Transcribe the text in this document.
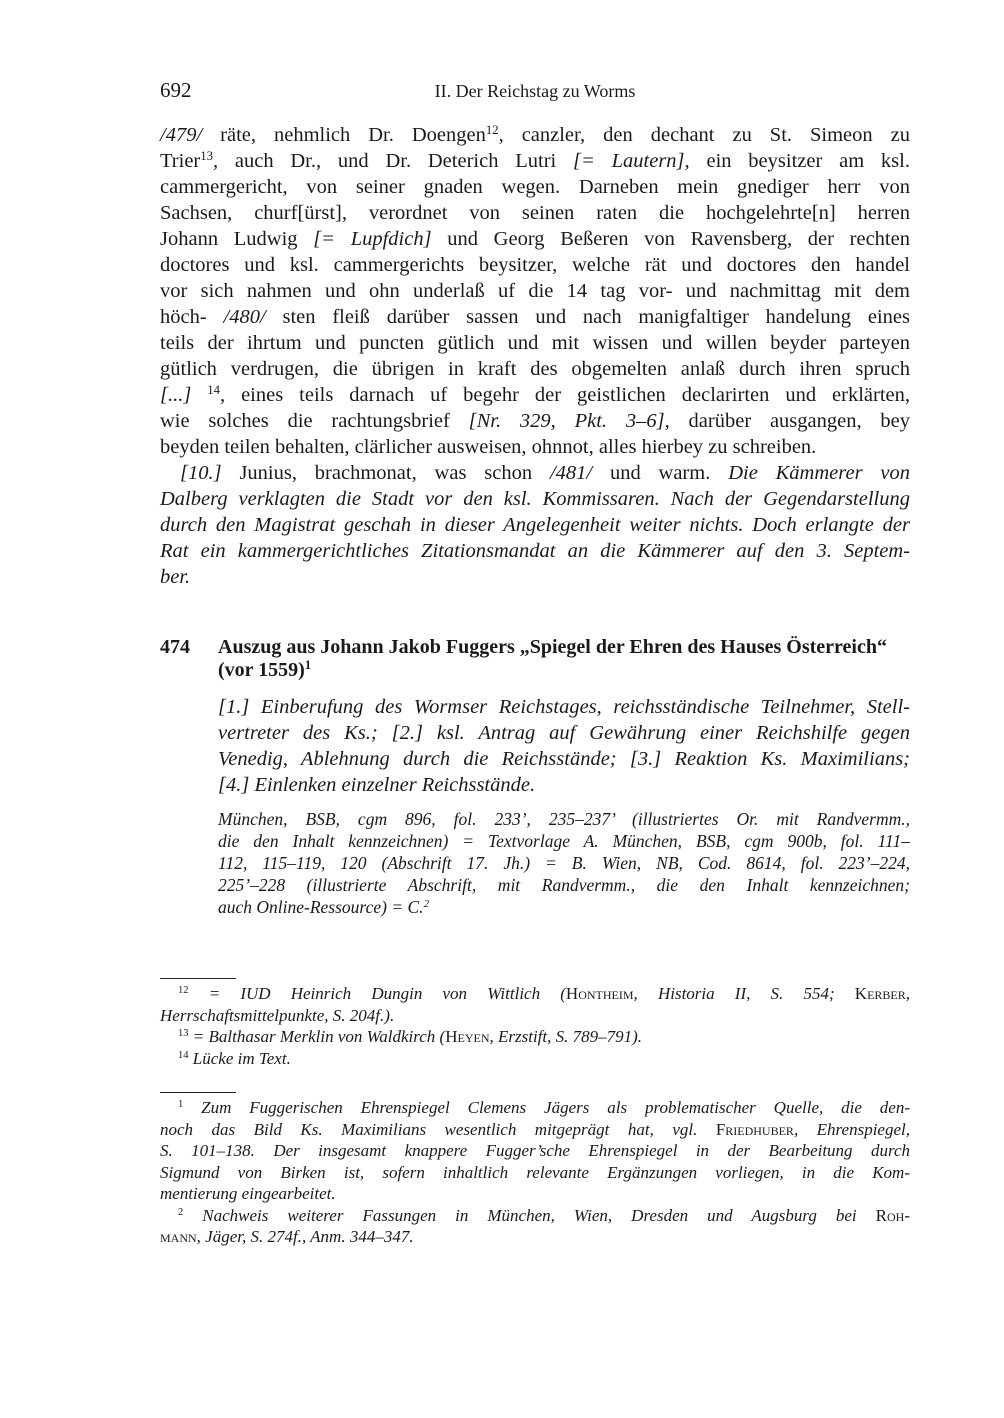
692	II. Der Reichstag zu Worms
/479/ räte, nehmlich Dr. Doengen$^{12}$, canzler, den dechant zu St. Simeon zu
Trier$^{13}$, auch Dr., und Dr. Deterich Lutri [= Lautern], ein beysitzer am ksl.
cammergericht, von seiner gnaden wegen. Darneben mein gnediger herr von
Sachsen, churf[ürst], verordnet von seinen raten die hochgelehrte[n] herren
Johann Ludwig [= Lupfdich] und Georg Beßeren von Ravensberg, der rechten
doctores und ksl. cammergerichts beysitzer, welche rät und doctores den handel
vor sich nahmen und ohn underlaß uf die 14 tag vor- und nachmittag mit dem
höch- /480/ sten fleiß darüber sassen und nach manigfaltiger handelung eines
teils der ihrtum und puncten gütlich und mit wissen und willen beyder parteyen
gütlich verdrugen, die übrigen in kraft des obgemelten anlaß durch ihren spruch
[...] $^{14}$, eines teils darnach uf begehr der geistlichen declarirten und erklärten,
wie solches die rachtungsbrief [Nr. 329, Pkt. 3–6], darüber ausgangen, bey
beyden teilen behalten, clärlicher ausweisen, ohnnot, alles hierbey zu schreiben.
[10.] Junius, brachmonat, was schon /481/ und warm. Die Kämmerer von
Dalberg verklagten die Stadt vor den ksl. Kommissaren. Nach der Gegendarstellung
durch den Magistrat geschah in dieser Angelegenheit weiter nichts. Doch erlangte der
Rat ein kammergerichtliches Zitationsmandat an die Kämmerer auf den 3. Septem-
ber.
474 Auszug aus Johann Jakob Fuggers „Spiegel der Ehren des Hauses Österreich“
(vor 1559)$^1$
[1.] Einberufung des Wormser Reichstages, reichsständische Teilnehmer, Stell-
vertreter des Ks.; [2.] ksl. Antrag auf Gewährung einer Reichshilfe gegen
Venedig, Ablehnung durch die Reichsstände; [3.] Reaktion Ks. Maximilians;
[4.] Einlenken einzelner Reichsstände.
München, BSB, cgm 896, fol. 233’, 235–237’ (illustriertes Or. mit Randvermm.,
die den Inhalt kennzeichnen) = Textvorlage A. München, BSB, cgm 900b, fol. 111–
112, 115–119, 120 (Abschrift 17. Jh.) = B. Wien, NB, Cod. 8614, fol. 223’–224,
225’–228 (illustrierte Abschrift, mit Randvermm., die den Inhalt kennzeichnen;
auch Online-Ressource) = C.$^2$
$^{12}$ = IUD Heinrich Dungin von Wittlich (Hontheim, Historia II, S. 554; Kerber,
Herrschaftsmittelpunkte, S. 204f.).
$^{13}$ = Balthasar Merklin von Waldkirch (Heyen, Erzstift, S. 789–791).
$^{14}$ Lücke im Text.
$^1$ Zum Fuggerischen Ehrenspiegel Clemens Jägers als problematischer Quelle, die den-
noch das Bild Ks. Maximilians wesentlich mitgeprägt hat, vgl. Friedhuber, Ehrenspiegel,
S. 101–138. Der insgesamt knappere Fugger’sche Ehrenspiegel in der Bearbeitung durch
Sigmund von Birken ist, sofern inhaltlich relevante Ergänzungen vorliegen, in die Kom-
mentierung eingearbeitet.
$^2$ Nachweis weiterer Fassungen in München, Wien, Dresden und Augsburg bei Roh-
mann, Jäger, S. 274f., Anm. 344–347.
